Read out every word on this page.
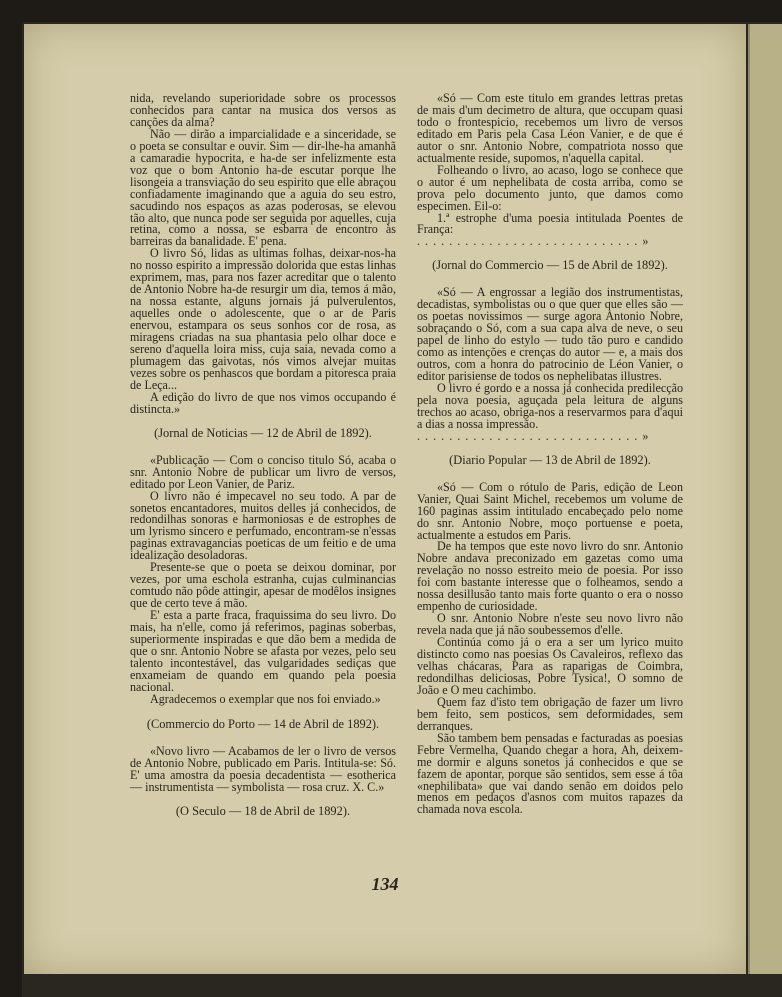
nida, revelando superioridade sobre os processos conhecidos para cantar na musica dos versos as canções da alma?

Não — dirão a imparcialidade e a sinceridade, se o poeta se consultar e ouvir. Sim — dir-lhe-ha amanhã a camaradie hypocrita, e ha-de ser infelizmente esta voz que o bom Antonio ha-de escutar porque lhe lisongeia a transviação do seu espirito que elle abraçou confiadamente imaginando que a aguia do seu estro, sacudindo nos espaços as azas poderosas, se elevou tão alto, que nunca pode ser seguida por aquelles, cuja retina, como a nossa, se esbarra de encontro às barreiras da banalidade. E' pena.

O livro Só, lidas as ultimas folhas, deixar-nos-ha no nosso espirito a impressão dolorida que estas linhas exprimem, mas, para nos fazer acreditar que o talento de Antonio Nobre ha-de resurgir um dia, temos á mão, na nossa estante, alguns jornais já pulverulentos, aquelles onde o adolescente, que o ar de Paris enervou, estampara os seus sonhos cor de rosa, as miragens criadas na sua phantasia pelo olhar doce e sereno d'aquella loira miss, cuja saia, nevada como a plumagem das gaivotas, nós vimos alvejar muitas vezes sobre os penhascos que bordam a pitoresca praia de Leça...

A edição do livro de que nos vimos occupando é distincta.»

(Jornal de Noticias — 12 de Abril de 1892).

«Publicação — Com o conciso titulo Só, acaba o snr. Antonio Nobre de publicar um livro de versos, editado por Leon Vanier, de Pariz.

O livro não é impecavel no seu todo. A par de sonetos encantadores, muitos delles já conhecidos, de redondilhas sonoras e harmoniosas e de estrophes de um lyrismo sincero e perfumado, encontram-se n'essas paginas extravagancias poeticas de um feitio e de uma idealização desoladoras.

Presente-se que o poeta se deixou dominar, por vezes, por uma eschola estranha, cujas culminancias comtudo não pôde attingir, apesar de modêlos insignes que de certo teve á mão.

E' esta a parte fraca, fraquissima do seu livro. Do mais, ha n'elle, como já referimos, paginas soberbas, superiormente inspiradas e que dão bem a medida de que o snr. Antonio Nobre se afasta por vezes, pelo seu talento incontestável, das vulgaridades sediças que enxameiam de quando em quando pela poesia nacional.

Agradecemos o exemplar que nos foi enviado.»

(Commercio do Porto — 14 de Abril de 1892).

«Novo livro — Acabamos de ler o livro de versos de Antonio Nobre, publicado em Paris. Intitula-se: Só. E' uma amostra da poesia decadentista — esotherica — instrumentista — symbolista — rosa cruz. X. C.»

(O Seculo — 18 de Abril de 1892).

«Só — Com este titulo em grandes lettras pretas de mais d'um decimetro de altura, que occupam quasi todo o frontespicio, recebemos um livro de versos editado em Paris pela Casa Léon Vanier, e de que é autor o snr. Antonio Nobre, compatriota nosso que actualmente reside, supomos, n'aquella capital.

Folheando o livro, ao acaso, logo se conhece que o autor é um nephelibata de costa arriba, como se prova pelo documento junto, que damos como especimen. Eil-o:

1.ª estrophe d'uma poesia intitulada Poentes de França:

. . . . . . . . . . . . . . . . . . . . . . . . . . . . »

(Jornal do Commercio — 15 de Abril de 1892).

«Só — A engrossar a legião dos instrumentistas, decadistas, symbolistas ou o que quer que elles são — os poetas novissimos — surge agora Antonio Nobre, sobraçando o Só, com a sua capa alva de neve, o seu papel de linho do estylo — tudo tão puro e candido como as intenções e crenças do autor — e, a mais dos outros, com a honra do patrocinio de Léon Vanier, o editor parisiense de todos os nephelibatas illustres.

O livro é gordo e a nossa já conhecida predilecção pela nova poesia, aguçada pela leitura de alguns trechos ao acaso, obriga-nos a reservarmos para d'aqui a dias a nossa impressão.

. . . . . . . . . . . . . . . . . . . . . . . . . . . . »

(Diario Popular — 13 de Abril de 1892).

«Só — Com o rótulo de Paris, edição de Leon Vanier, Quai Saint Michel, recebemos um volume de 160 paginas assim intitulado encabeçado pelo nome do snr. Antonio Nobre, moço portuense e poeta, actualmente a estudos em Paris.

De ha tempos que este novo livro do snr. Antonio Nobre andava preconizado em gazetas como uma revelação no nosso estreito meio de poesia. Por isso foi com bastante interesse que o folheamos, sendo a nossa desillusão tanto mais forte quanto o era o nosso empenho de curiosidade.

O snr. Antonio Nobre n'este seu novo livro não revela nada que já não soubessemos d'elle.

Continúa como já o era a ser um lyrico muito distincto como nas poesias Os Cavaleiros, reflexo das velhas chácaras, Para as raparigas de Coimbra, redondilhas deliciosas, Pobre Tysica!, O somno de João e O meu cachimbo.

Quem faz d'isto tem obrigação de fazer um livro bem feito, sem posticos, sem deformidades, sem derranques.

São tambem bem pensadas e facturadas as poesias Febre Vermelha, Quando chegar a hora, Ah, deixem-me dormir e alguns sonetos já conhecidos e que se fazem de apontar, porque são sentidos, sem esse á tôa «nephilibata» que vai dando senão em doidos pelo menos em pedaços d'asnos com muitos rapazes da chamada nova escola.

134
